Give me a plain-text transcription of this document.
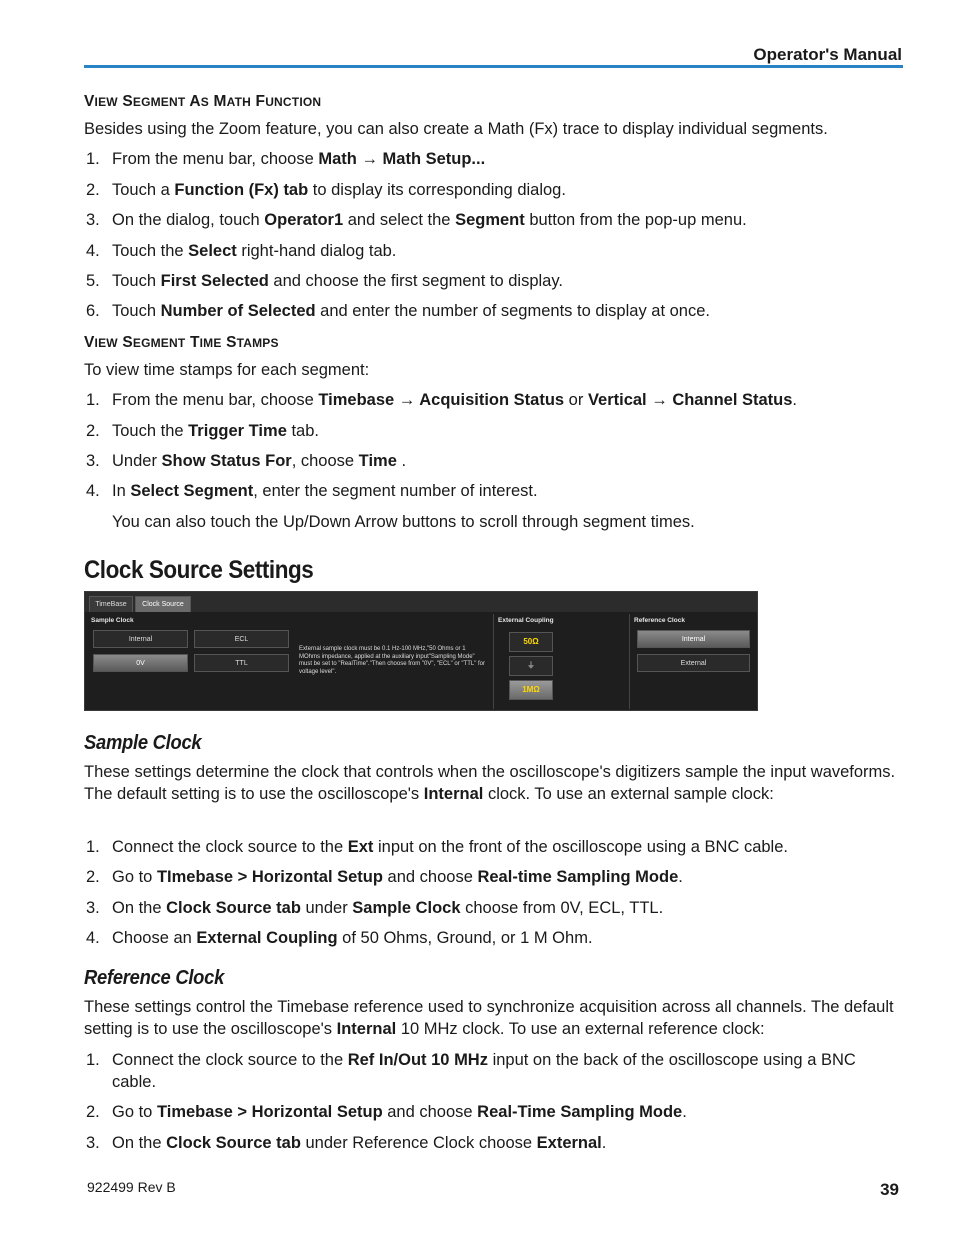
Operator's Manual
VIEW SEGMENT AS MATH FUNCTION

Besides using the Zoom feature, you can also create a Math (Fx) trace to display individual segments.

1. From the menu bar, choose Math → Math Setup...
2. Touch a Function (Fx) tab to display its corresponding dialog.
3. On the dialog, touch Operator1 and select the Segment button from the pop-up menu.
4. Touch the Select right-hand dialog tab.
5. Touch First Selected and choose the first segment to display.
6. Touch Number of Selected and enter the number of segments to display at once.
VIEW SEGMENT TIME STAMPS

To view time stamps for each segment:

1. From the menu bar, choose Timebase → Acquisition Status or Vertical → Channel Status.
2. Touch the Trigger Time tab.
3. Under Show Status For, choose Time .
4. In Select Segment, enter the segment number of interest.

You can also touch the Up/Down Arrow buttons to scroll through segment times.

Clock Source Settings
TimeBase	Clock Source
Sample Clock
Internal	ECL
0V	TTL
External sample clock must be 0.1 Hz-100 MHz,"50 Ohms or 1 MOhms impedance, applied at the auxiliary input"Sampling Mode" must be set to "RealTime"."Then choose from "0V", "ECL" or "TTL" for voltage level".
External Coupling
50Ω
⏚
1MΩ
Reference Clock
Internal
External
Sample Clock

These settings determine the clock that controls when the oscilloscope's digitizers sample the input waveforms. The default setting is to use the oscilloscope's Internal clock. To use an external sample clock:

1. Connect the clock source to the Ext input on the front of the oscilloscope using a BNC cable.
2. Go to TImebase > Horizontal Setup and choose Real-time Sampling Mode.
3. On the Clock Source tab under Sample Clock choose from 0V, ECL, TTL.
4. Choose an External Coupling of 50 Ohms, Ground, or 1 M Ohm.
Reference Clock

These settings control the Timebase reference used to synchronize acquisition across all channels. The default setting is to use the oscilloscope's Internal 10 MHz clock. To use an external reference clock:

1. Connect the clock source to the Ref In/Out 10 MHz input on the back of the oscilloscope using a BNC cable.
2. Go to Timebase > Horizontal Setup and choose Real-Time Sampling Mode.
3. On the Clock Source tab under Reference Clock choose External.
922499 Rev B	39
